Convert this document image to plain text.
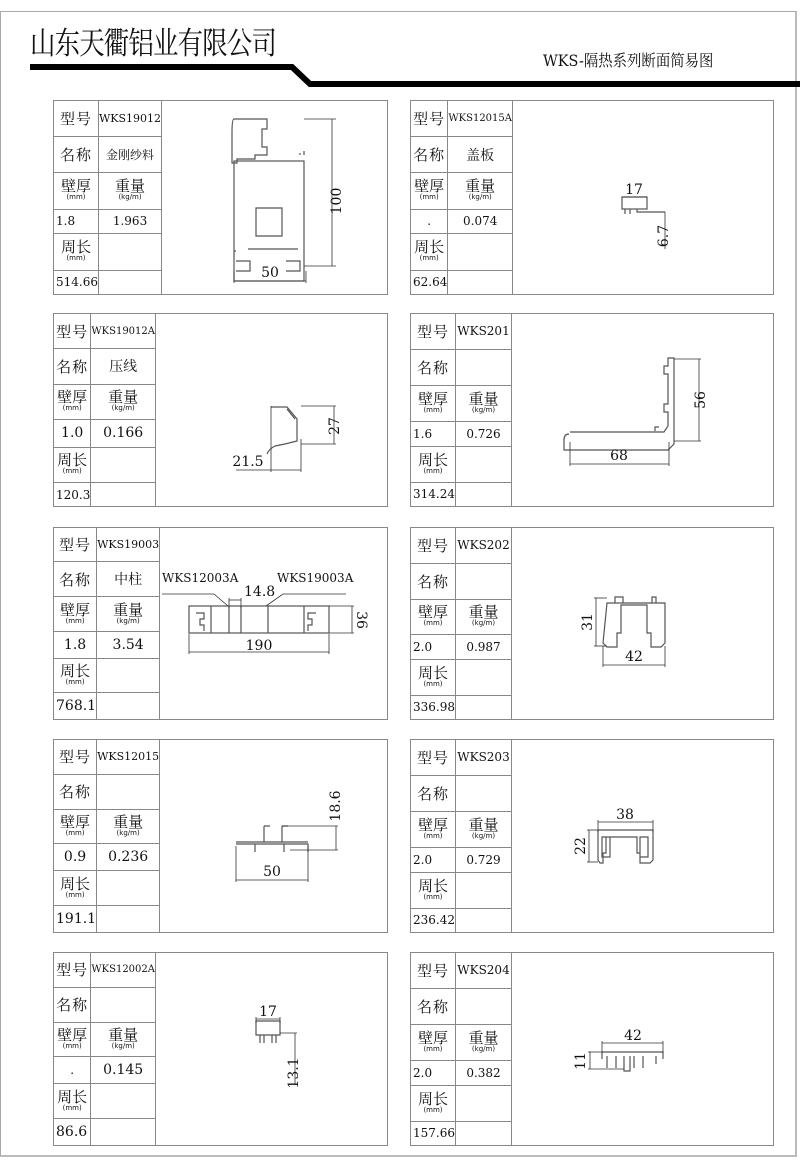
山东天衢铝业有限公司	WKS-隔热系列断面简易图
型号	WKS19012
名称	金刚纱料
壁厚
(mm)	重量
(kg/m)

1.8	1.963
周长
(mm)	

514.66	
100
50
型号	WKS12015A
名称	盖板
壁厚
(mm)	重量
(kg/m)

.	0.074
周长
(mm)	

62.64	
17
6.7
型号	WKS19012A
名称	压线
壁厚
(mm)	重量
(kg/m)

1.0	0.166
周长
(mm)	

120.3	
27
21.5
型号	WKS201
名称	
壁厚
(mm)	重量
(kg/m)

1.6	0.726
周长
(mm)	

314.24	
56
68
型号	WKS19003
名称	中柱
壁厚
(mm)	重量
(kg/m)

1.8	3.54
周长
(mm)	

768.1	
WKS12003A	WKS19003A
14.8
36
190
型号	WKS202
名称	
壁厚
(mm)	重量
(kg/m)

2.0	0.987
周长
(mm)	

336.98	
31
42
型号	WKS12015
名称	
壁厚
(mm)	重量
(kg/m)

0.9	0.236
周长
(mm)	

191.1	
18.6
50
型号	WKS203
名称	
壁厚
(mm)	重量
(kg/m)

2.0	0.729
周长
(mm)	

236.42	
38
22
型号	WKS12002A
名称	
壁厚
(mm)	重量
(kg/m)

.	0.145
周长
(mm)	

86.6	
17
13.1
型号	WKS204
名称	
壁厚
(mm)	重量
(kg/m)

2.0	0.382
周长
(mm)	

157.66	
42
11
